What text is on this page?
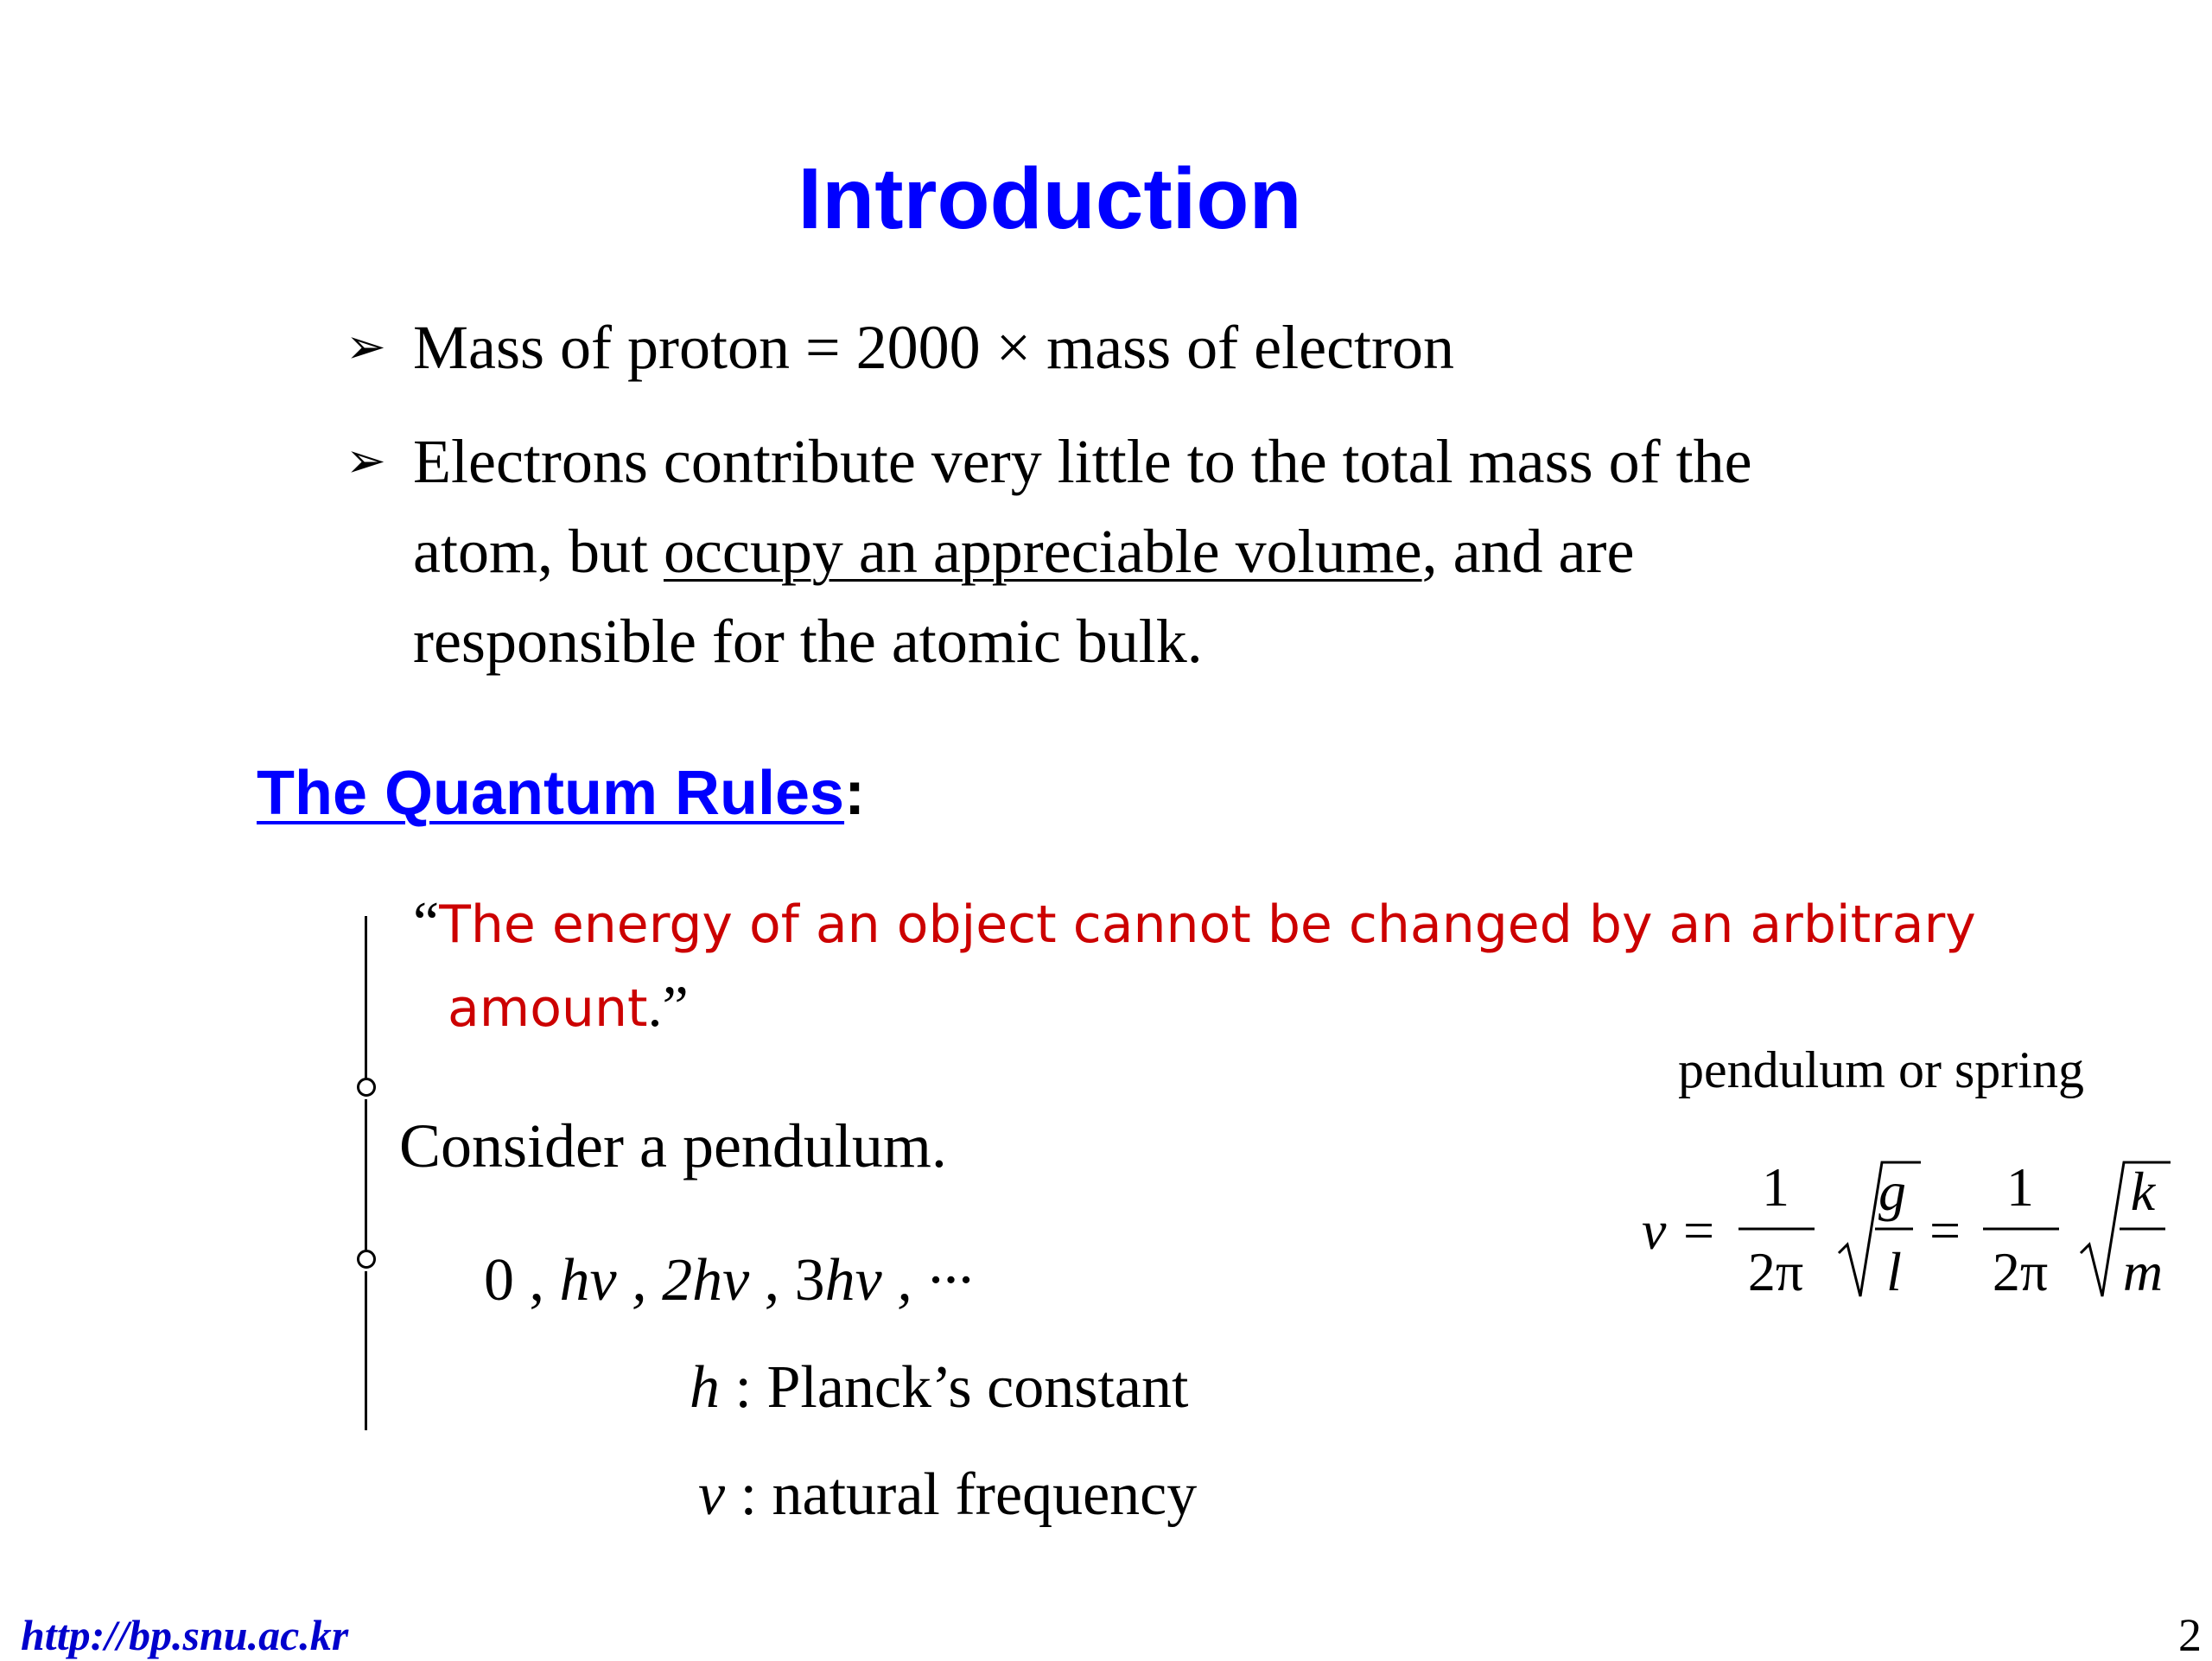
Introduction
➢ Mass of proton = 2000 × mass of electron
➢ Electrons contribute very little to the total mass of the
atom, but occupy an appreciable volume, and are
responsible for the atomic bulk.
The Quantum Rules:
“The energy of an object cannot be changed by an arbitrary
amount.”
Consider a pendulum.
0 , hν , 2hν , 3hν , ···
h : Planck’s constant
ν : natural frequency
pendulum or spring
ν =
1
2π
g
l
=
1
2π
k
m
http://bp.snu.ac.kr	2
